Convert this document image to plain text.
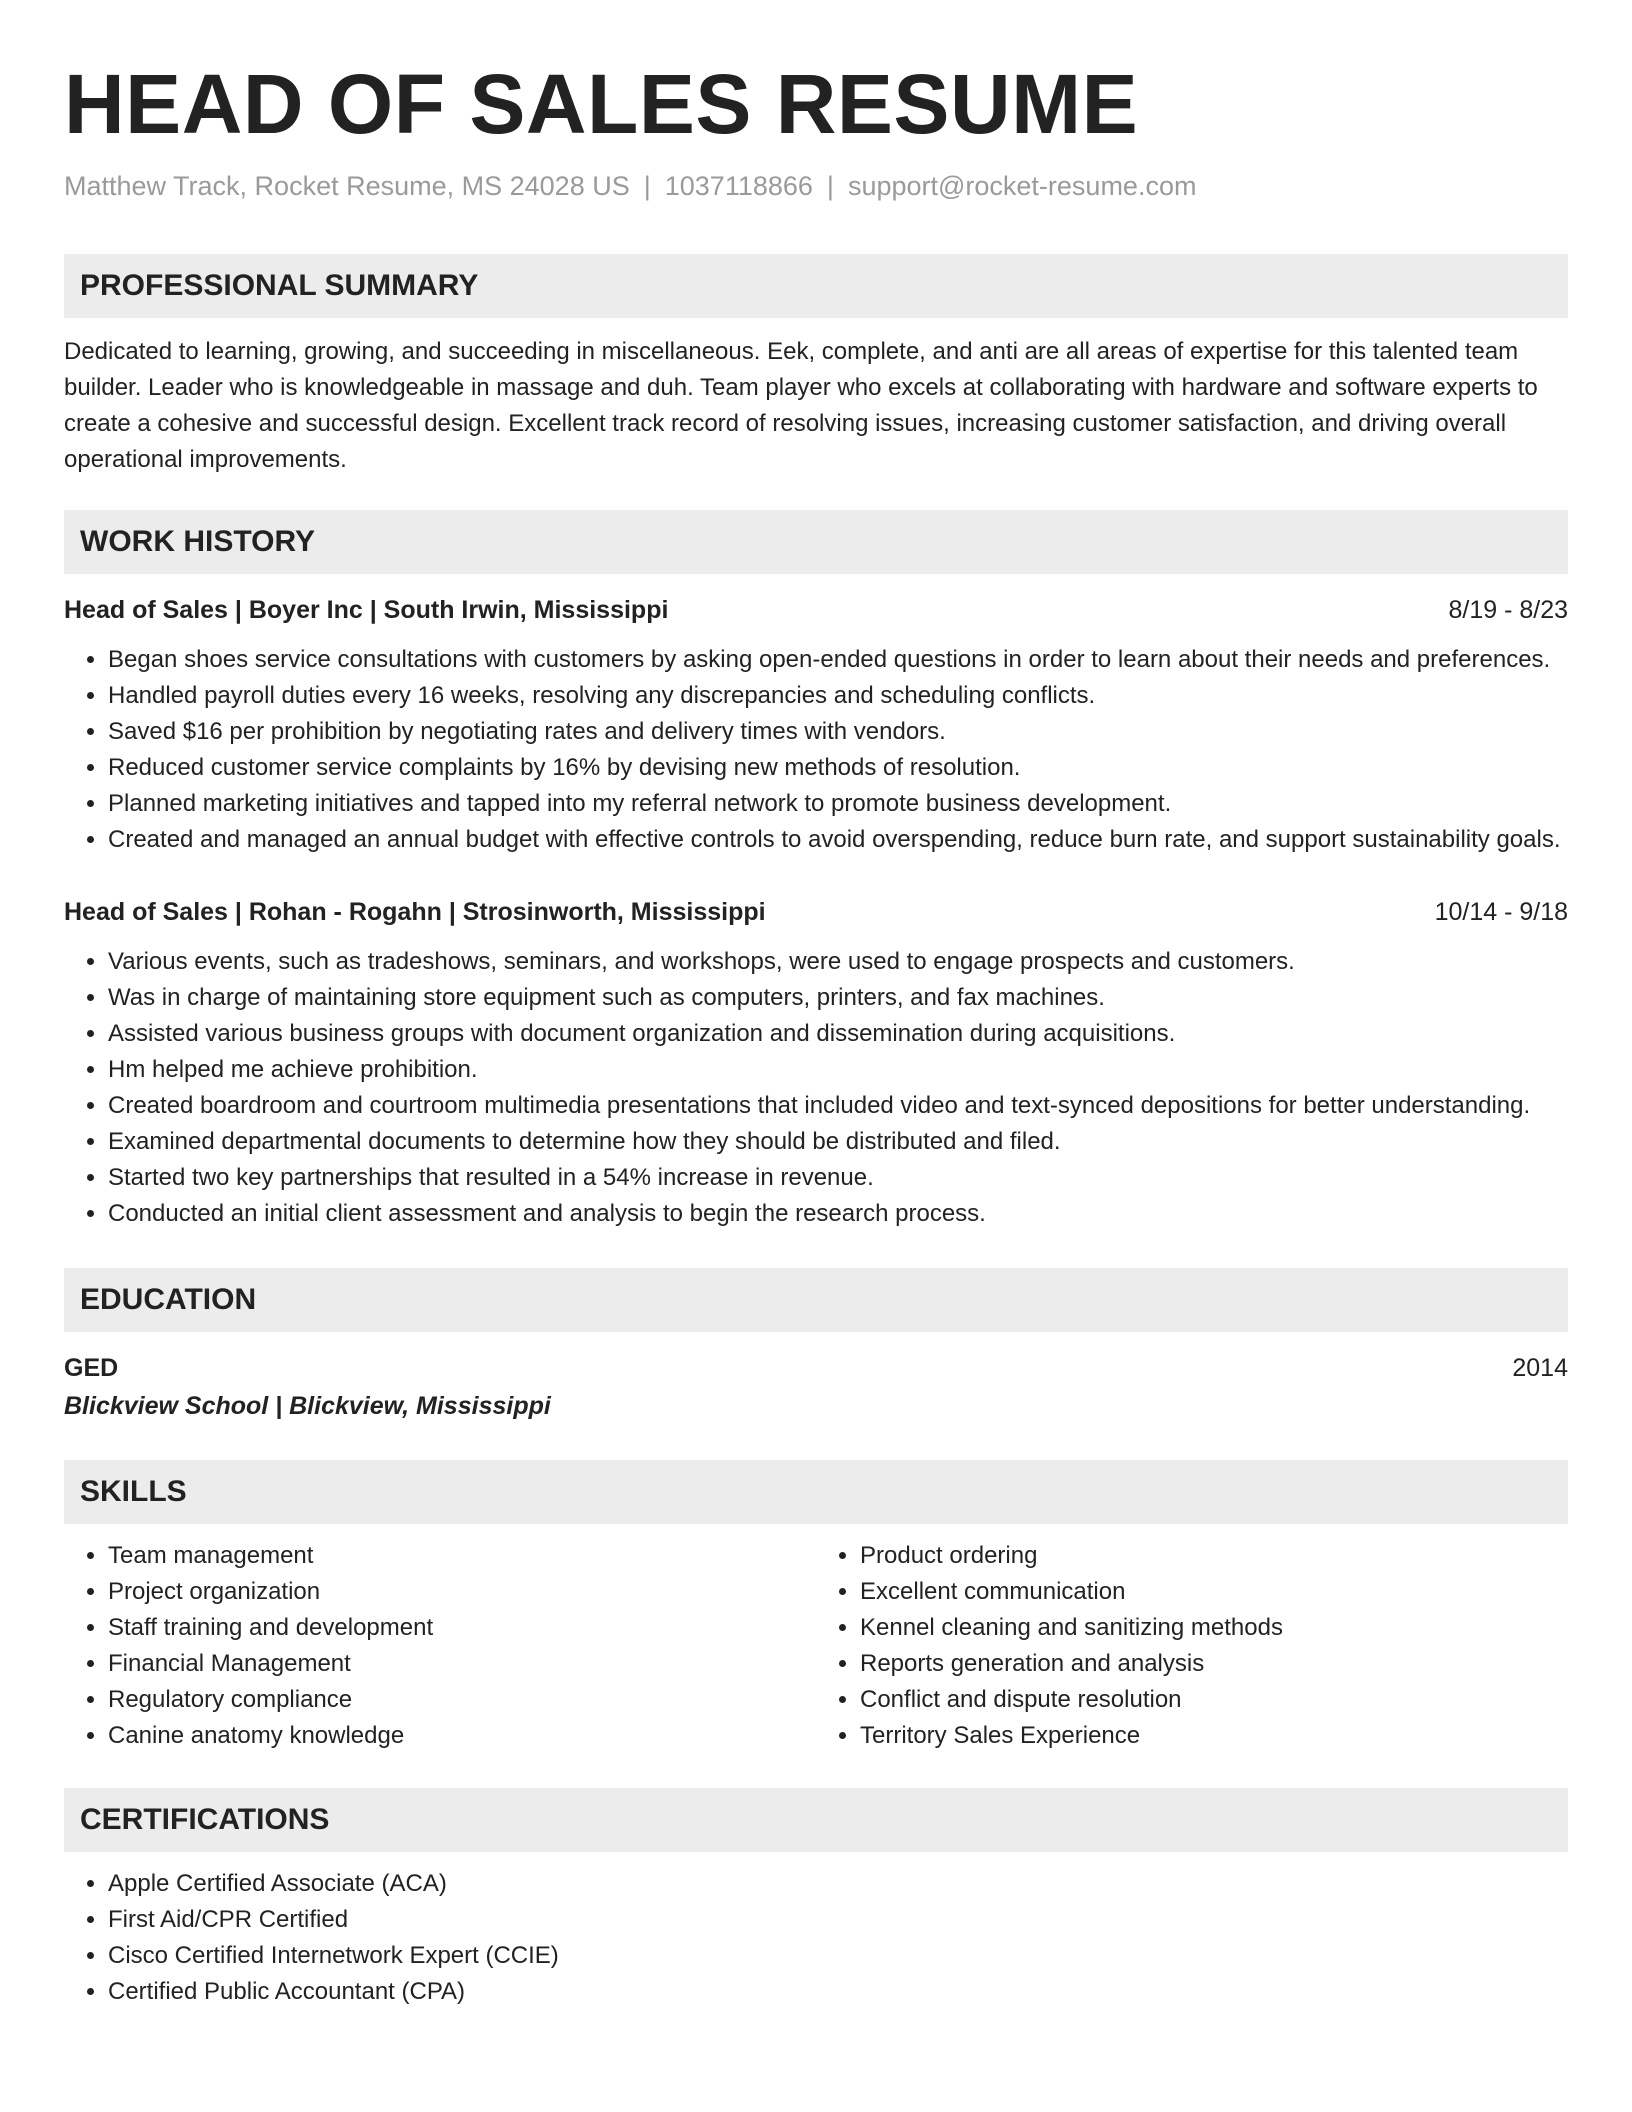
HEAD OF SALES RESUME
Matthew Track, Rocket Resume, MS 24028 US | 1037118866 | support@rocket-resume.com
PROFESSIONAL SUMMARY

Dedicated to learning, growing, and succeeding in miscellaneous. Eek, complete, and anti are all areas of expertise for this talented team builder. Leader who is knowledgeable in massage and duh. Team player who excels at collaborating with hardware and software experts to create a cohesive and successful design. Excellent track record of resolving issues, increasing customer satisfaction, and driving overall operational improvements.

WORK HISTORY
Head of Sales | Boyer Inc | South Irwin, Mississippi	8/19 - 8/23
• Began shoes service consultations with customers by asking open-ended questions in order to learn about their needs and preferences.
• Handled payroll duties every 16 weeks, resolving any discrepancies and scheduling conflicts.
• Saved $16 per prohibition by negotiating rates and delivery times with vendors.
• Reduced customer service complaints by 16% by devising new methods of resolution.
• Planned marketing initiatives and tapped into my referral network to promote business development.
• Created and managed an annual budget with effective controls to avoid overspending, reduce burn rate, and support sustainability goals.
Head of Sales | Rohan - Rogahn | Strosinworth, Mississippi	10/14 - 9/18
• Various events, such as tradeshows, seminars, and workshops, were used to engage prospects and customers.
• Was in charge of maintaining store equipment such as computers, printers, and fax machines.
• Assisted various business groups with document organization and dissemination during acquisitions.
• Hm helped me achieve prohibition.
• Created boardroom and courtroom multimedia presentations that included video and text-synced depositions for better understanding.
• Examined departmental documents to determine how they should be distributed and filed.
• Started two key partnerships that resulted in a 54% increase in revenue.
• Conducted an initial client assessment and analysis to begin the research process.
EDUCATION
GED	2014
Blickview School | Blickview, Mississippi
SKILLS
• Team management
• Project organization
• Staff training and development
• Financial Management
• Regulatory compliance
• Canine anatomy knowledge
• Product ordering
• Excellent communication
• Kennel cleaning and sanitizing methods
• Reports generation and analysis
• Conflict and dispute resolution
• Territory Sales Experience
CERTIFICATIONS
• Apple Certified Associate (ACA)
• First Aid/CPR Certified
• Cisco Certified Internetwork Expert (CCIE)
• Certified Public Accountant (CPA)
